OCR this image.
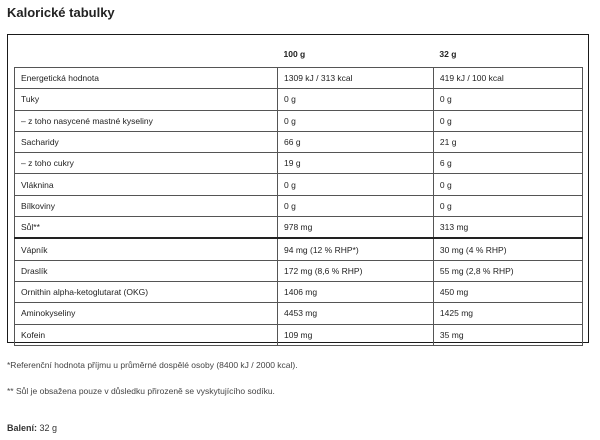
Kalorické tabulky
	100 g	32 g
Energetická hodnota	1309 kJ / 313 kcal	419 kJ / 100 kcal
Tuky	0 g	0 g
– z toho nasycené mastné kyseliny	0 g	0 g
Sacharidy	66 g	21 g
– z toho cukry	19 g	6 g
Vláknina	0 g	0 g
Bílkoviny	0 g	0 g
Sůl**	978 mg	313 mg
Vápník	94 mg (12 % RHP*)	30 mg (4 % RHP)
Draslík	172 mg (8,6 % RHP)	55 mg (2,8 % RHP)
Ornithin alpha-ketoglutarat (OKG)	1406 mg	450 mg
Aminokyseliny	4453 mg	1425 mg
Kofein	109 mg	35 mg
*Referenční hodnota příjmu u průměrné dospělé osoby (8400 kJ / 2000 kcal).
** Sůl je obsažena pouze v důsledku přirozeně se vyskytujícího sodíku.
Balení: 32 g
